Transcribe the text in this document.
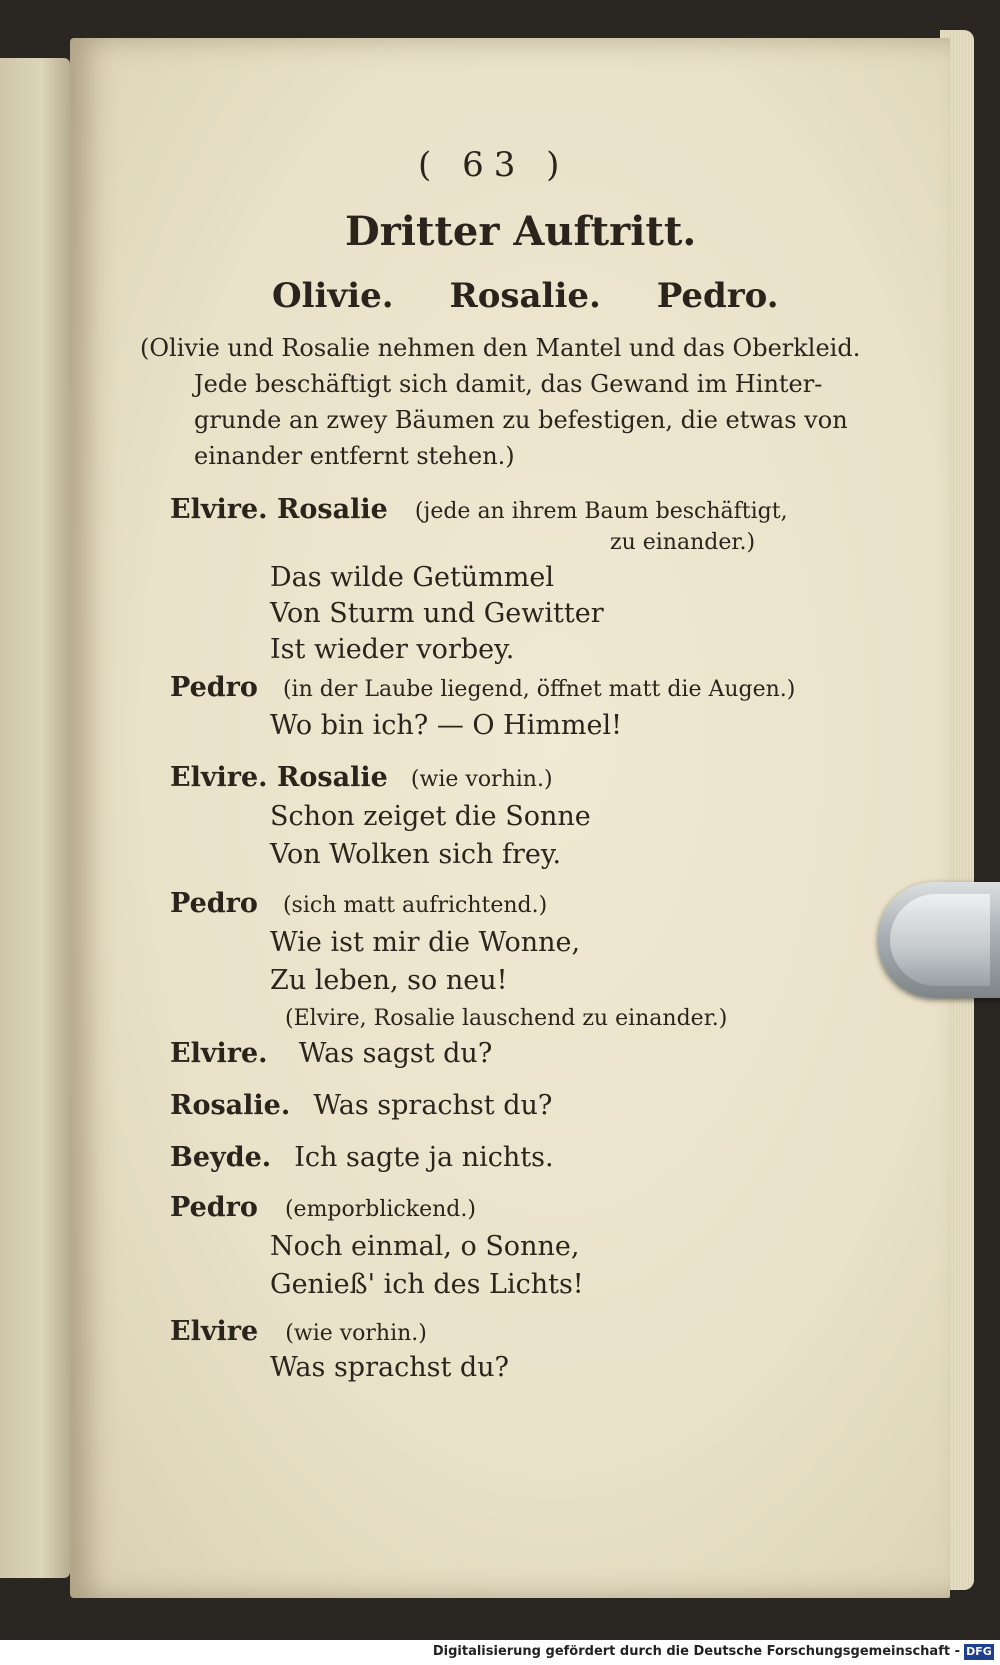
( 63 )
Dritter Auftritt.
Olivie. Rosalie. Pedro.
(Olivie und Rosalie nehmen den Mantel und das Oberkleid.
Jede beschäftigt sich damit, das Gewand im Hinter-
grunde an zwey Bäumen zu befestigen, die etwas von
einander entfernt stehen.)
Elvire. Rosalie (jede an ihrem Baum beschäftigt,
zu einander.)
Das wilde Getümmel
Von Sturm und Gewitter
Ist wieder vorbey.
Pedro (in der Laube liegend, öffnet matt die Augen.)
Wo bin ich? — O Himmel!
Elvire. Rosalie (wie vorhin.)
Schon zeiget die Sonne
Von Wolken sich frey.
Pedro (sich matt aufrichtend.)
Wie ist mir die Wonne,
Zu leben, so neu!
(Elvire, Rosalie lauschend zu einander.)
Elvire. Was sagst du?
Rosalie. Was sprachst du?
Beyde. Ich sagte ja nichts.
Pedro (emporblickend.)
Noch einmal, o Sonne,
Genieß' ich des Lichts!
Elvire (wie vorhin.)
Was sprachst du?
Digitalisierung gefördert durch die Deutsche Forschungsgemeinschaft - DFG
